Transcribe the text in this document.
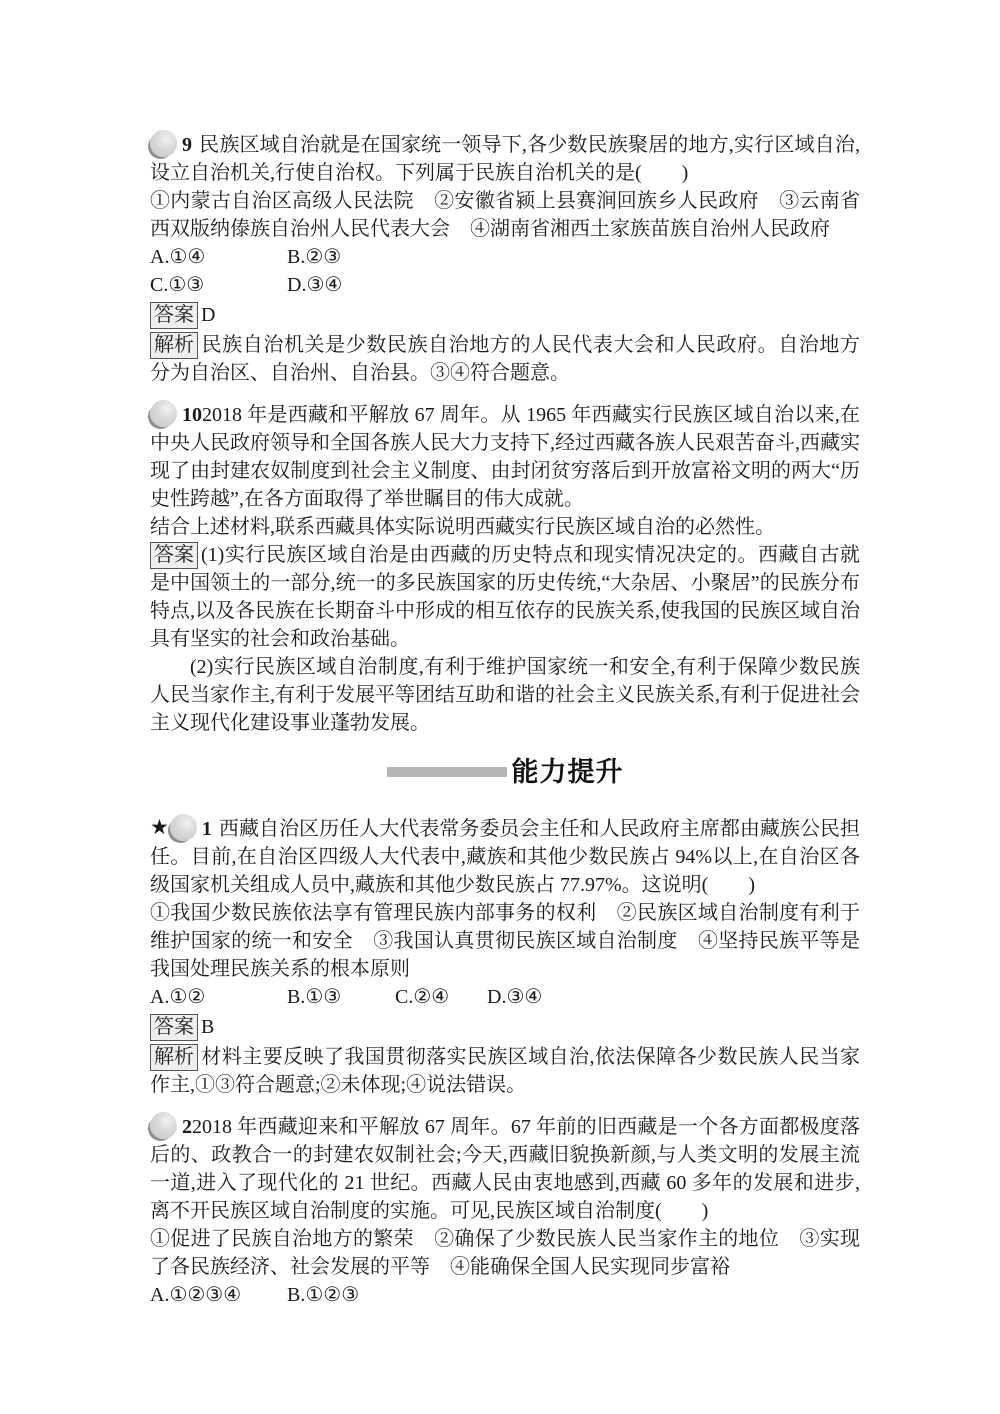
9 民族区域自治就是在国家统一领导下,各少数民族聚居的地方,实行区域自治,设立自治机关,行使自治权。下列属于民族自治机关的是(　　)

①内蒙古自治区高级人民法院　②安徽省颍上县赛涧回族乡人民政府　③云南省西双版纳傣族自治州人民代表大会　④湖南省湘西土家族苗族自治州人民政府

A.①④	B.②③

C.①③	D.③④

答案 D

解析 民族自治机关是少数民族自治地方的人民代表大会和人民政府。自治地方分为自治区、自治州、自治县。③④符合题意。

102018 年是西藏和平解放 67 周年。从 1965 年西藏实行民族区域自治以来,在中央人民政府领导和全国各族人民大力支持下,经过西藏各族人民艰苦奋斗,西藏实现了由封建农奴制度到社会主义制度、由封闭贫穷落后到开放富裕文明的两大“历史性跨越”,在各方面取得了举世瞩目的伟大成就。

结合上述材料,联系西藏具体实际说明西藏实行民族区域自治的必然性。

答案 (1)实行民族区域自治是由西藏的历史特点和现实情况决定的。西藏自古就是中国领土的一部分,统一的多民族国家的历史传统,“大杂居、小聚居”的民族分布特点,以及各民族在长期奋斗中形成的相互依存的民族关系,使我国的民族区域自治具有坚实的社会和政治基础。

(2)实行民族区域自治制度,有利于维护国家统一和安全,有利于保障少数民族人民当家作主,有利于发展平等团结互助和谐的社会主义民族关系,有利于促进社会主义现代化建设事业蓬勃发展。

能力提升

★ 1 西藏自治区历任人大代表常务委员会主任和人民政府主席都由藏族公民担任。目前,在自治区四级人大代表中,藏族和其他少数民族占 94%以上,在自治区各级国家机关组成人员中,藏族和其他少数民族占 77.97%。这说明(　　)

①我国少数民族依法享有管理民族内部事务的权利　②民族区域自治制度有利于维护国家的统一和安全　③我国认真贯彻民族区域自治制度　④坚持民族平等是我国处理民族关系的根本原则

A.①②	B.①③	C.②④ D.③④

答案 B

解析 材料主要反映了我国贯彻落实民族区域自治,依法保障各少数民族人民当家作主,①③符合题意;②未体现;④说法错误。

22018 年西藏迎来和平解放 67 周年。67 年前的旧西藏是一个各方面都极度落后的、政教合一的封建农奴制社会;今天,西藏旧貌换新颜,与人类文明的发展主流一道,进入了现代化的 21 世纪。西藏人民由衷地感到,西藏 60 多年的发展和进步,离不开民族区域自治制度的实施。可见,民族区域自治制度(　　)

①促进了民族自治地方的繁荣　②确保了少数民族人民当家作主的地位　③实现了各民族经济、社会发展的平等　④能确保全国人民实现同步富裕

A.①②③④ B.①②③
